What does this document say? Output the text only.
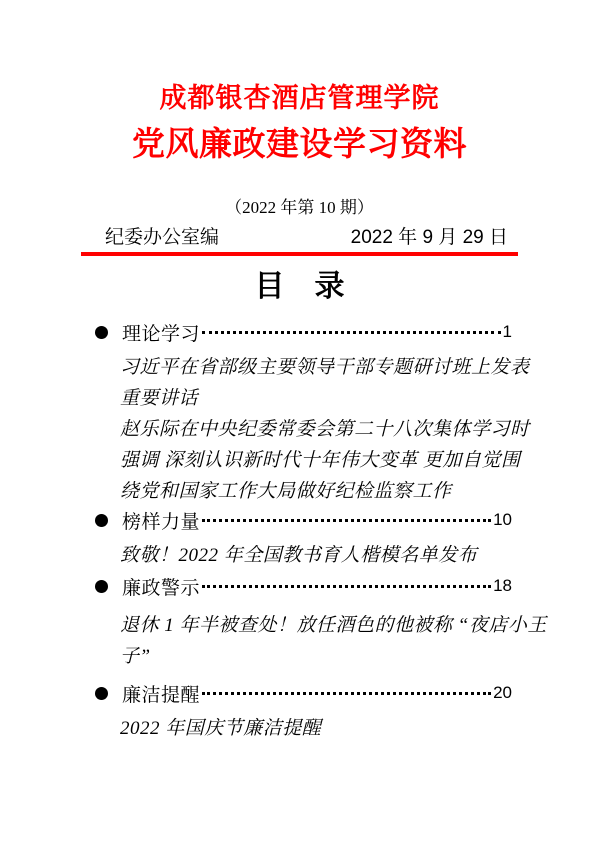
成都银杏酒店管理学院
党风廉政建设学习资料
（2022 年第 10 期）
纪委办公室编	2022 年 9 月 29 日
目　录
理论学习	1
习近平在省部级主要领导干部专题研讨班上发表
重要讲话
赵乐际在中央纪委常委会第二十八次集体学习时
强调 深刻认识新时代十年伟大变革 更加自觉围
绕党和国家工作大局做好纪检监察工作
榜样力量	10
致敬！2022 年全国教书育人楷模名单发布
廉政警示	18
退休 1 年半被查处！放任酒色的他被称 “夜店小王
子”
廉洁提醒	20
2022 年国庆节廉洁提醒
